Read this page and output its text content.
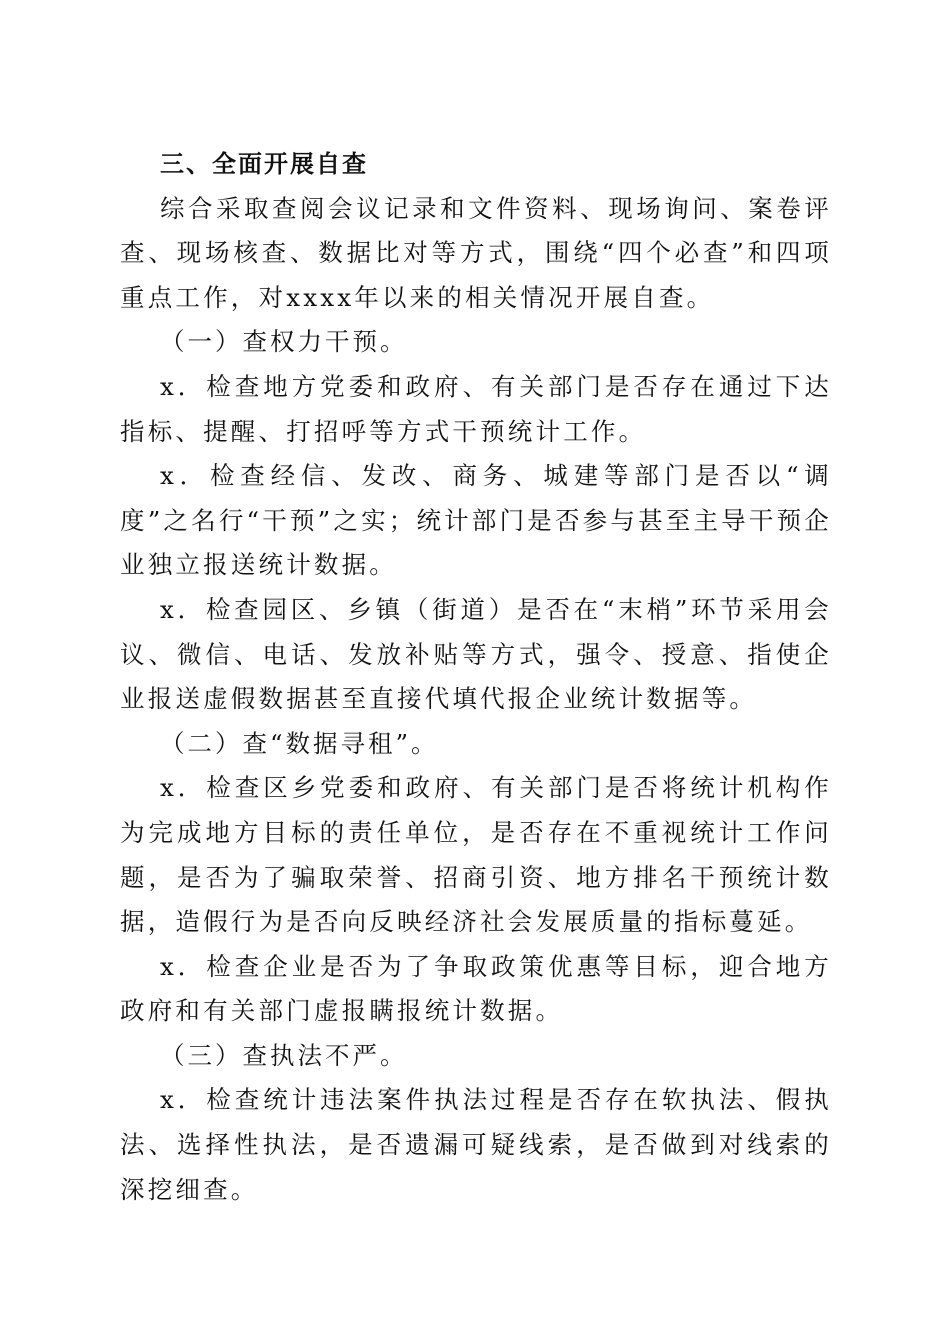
三、全面开展自查

综合采取查阅会议记录和文件资料、现场询问、案卷评查、现场核查、数据比对等方式，围绕“四个必查”和四项重点工作，对xxxx年以来的相关情况开展自查。

（一）查权力干预。

x．检查地方党委和政府、有关部门是否存在通过下达指标、提醒、打招呼等方式干预统计工作。

x．检查经信、发改、商务、城建等部门是否以“调度”之名行“干预”之实；统计部门是否参与甚至主导干预企业独立报送统计数据。

x．检查园区、乡镇（街道）是否在“末梢”环节采用会议、微信、电话、发放补贴等方式，强令、授意、指使企业报送虚假数据甚至直接代填代报企业统计数据等。

（二）查“数据寻租”。

x．检查区乡党委和政府、有关部门是否将统计机构作为完成地方目标的责任单位，是否存在不重视统计工作问题，是否为了骗取荣誉、招商引资、地方排名干预统计数据，造假行为是否向反映经济社会发展质量的指标蔓延。

x．检查企业是否为了争取政策优惠等目标，迎合地方政府和有关部门虚报瞒报统计数据。

（三）查执法不严。

x．检查统计违法案件执法过程是否存在软执法、假执法、选择性执法，是否遗漏可疑线索，是否做到对线索的深挖细查。
